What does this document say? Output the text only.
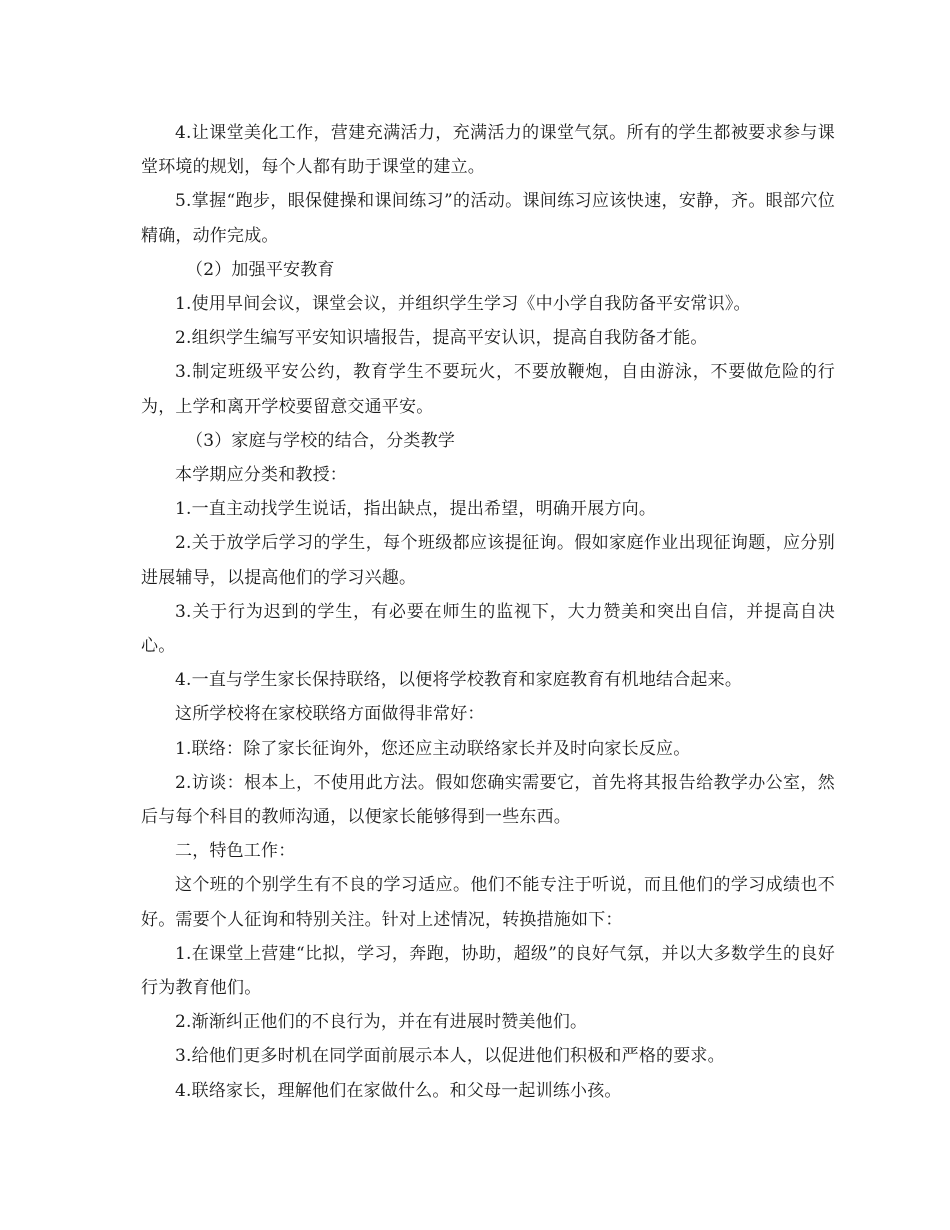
4.让课堂美化工作，营建充满活力，充满活力的课堂气氛。所有的学生都被要求参与课堂环境的规划，每个人都有助于课堂的建立。

5.掌握“跑步，眼保健操和课间练习”的活动。课间练习应该快速，安静，齐。眼部穴位精确，动作完成。

（2）加强平安教育

1.使用早间会议，课堂会议，并组织学生学习《中小学自我防备平安常识》。

2.组织学生编写平安知识墙报告，提高平安认识，提高自我防备才能。

3.制定班级平安公约，教育学生不要玩火，不要放鞭炮，自由游泳，不要做危险的行为，上学和离开学校要留意交通平安。

（3）家庭与学校的结合，分类教学

本学期应分类和教授：

1.一直主动找学生说话，指出缺点，提出希望，明确开展方向。

2.关于放学后学习的学生，每个班级都应该提征询。假如家庭作业出现征询题，应分别进展辅导，以提高他们的学习兴趣。

3.关于行为迟到的学生，有必要在师生的监视下，大力赞美和突出自信，并提高自决心。

4.一直与学生家长保持联络，以便将学校教育和家庭教育有机地结合起来。

这所学校将在家校联络方面做得非常好：

1.联络：除了家长征询外，您还应主动联络家长并及时向家长反应。

2.访谈：根本上，不使用此方法。假如您确实需要它，首先将其报告给教学办公室，然后与每个科目的教师沟通，以便家长能够得到一些东西。

二，特色工作：

这个班的个别学生有不良的学习适应。他们不能专注于听说，而且他们的学习成绩也不好。需要个人征询和特别关注。针对上述情况，转换措施如下：

1.在课堂上营建“比拟，学习，奔跑，协助，超级”的良好气氛，并以大多数学生的良好行为教育他们。

2.渐渐纠正他们的不良行为，并在有进展时赞美他们。

3.给他们更多时机在同学面前展示本人，以促进他们积极和严格的要求。

4.联络家长，理解他们在家做什么。和父母一起训练小孩。
